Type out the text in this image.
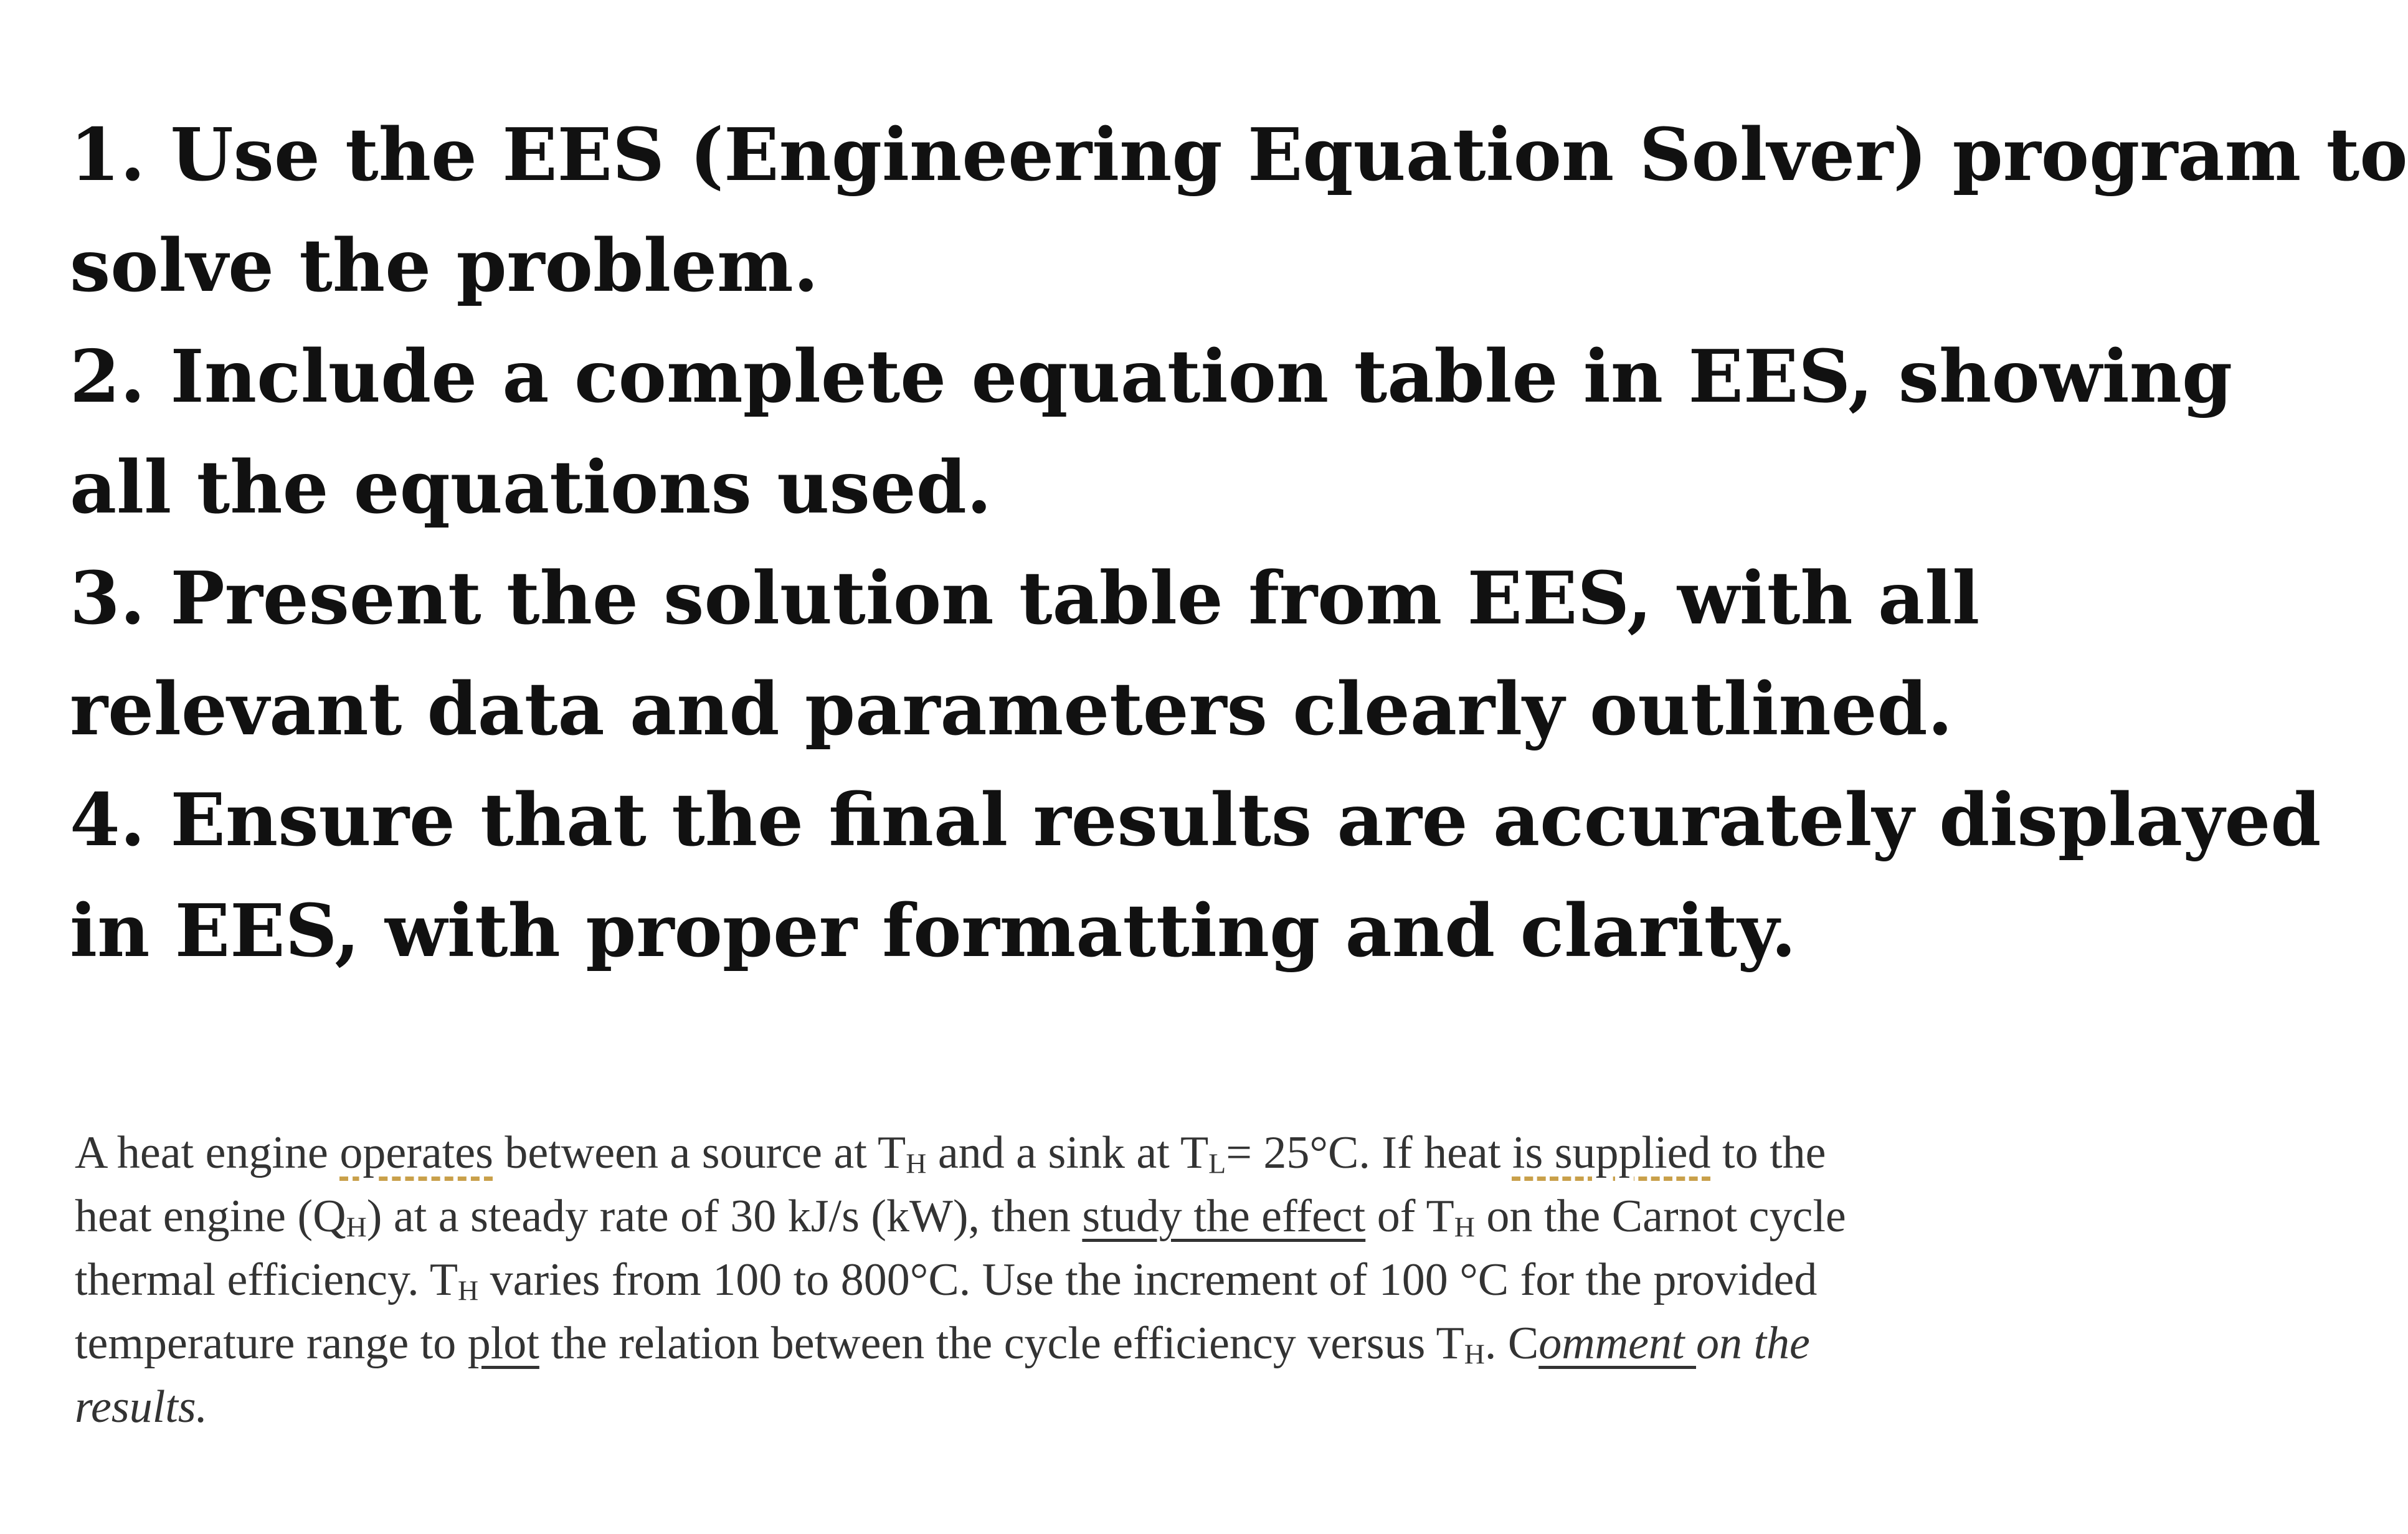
1. Use the EES (Engineering Equation Solver) program to
solve the problem.
2. Include a complete equation table in EES, showing
all the equations used.
3. Present the solution table from EES, with all
relevant data and parameters clearly outlined.
4. Ensure that the final results are accurately displayed
in EES, with proper formatting and clarity.
A heat engine operates between a source at $T_H$ and a sink at $T_L= 25^\circ C$. If heat is supplied to the
heat engine $(Q_H)$ at a steady rate of 30 kJ/s (kW), then study the effect of $T_H$ on the Carnot cycle
thermal efficiency. $T_H$ varies from 100 to 800°C. Use the increment of 100 °C for the provided
temperature range to plot the relation between the cycle efficiency versus $T_H$. Comment on the
results.
